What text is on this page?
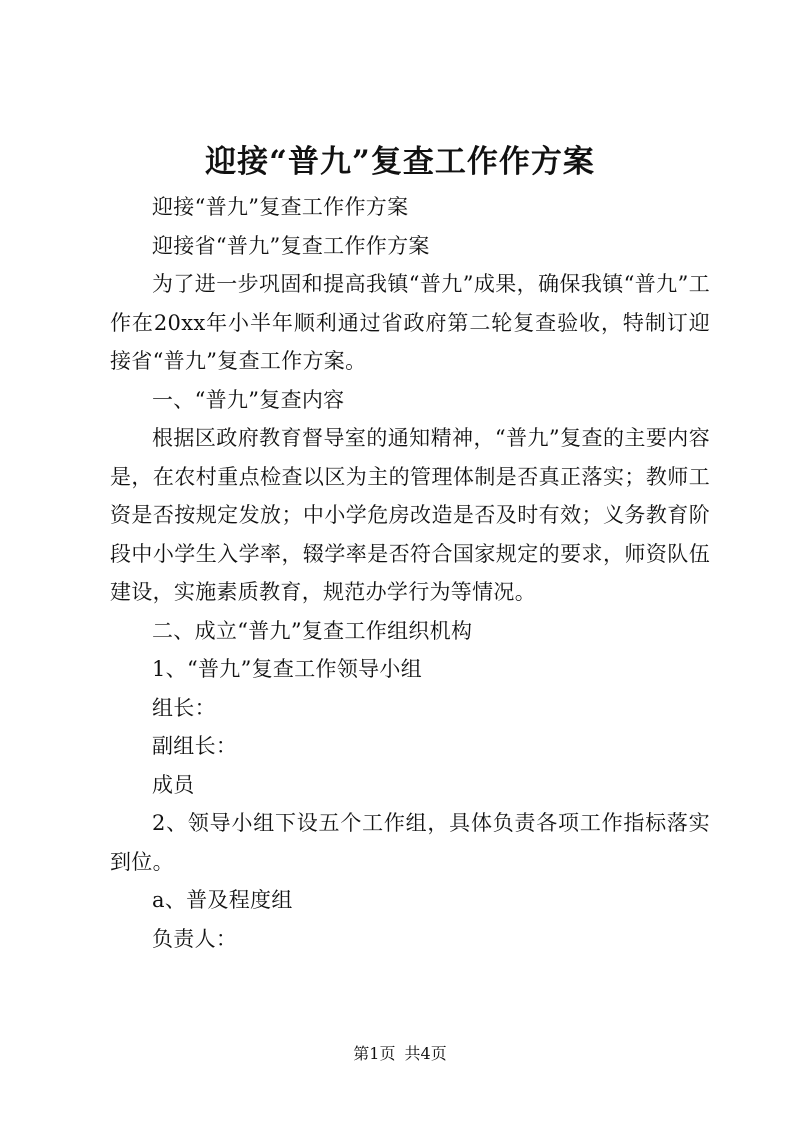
迎接“普九”复查工作作方案

迎接“普九”复查工作作方案

迎接省“普九”复查工作作方案

为了进一步巩固和提高我镇“普九”成果，确保我镇“普九”工作在20xx年小半年顺利通过省政府第二轮复查验收，特制订迎接省“普九”复查工作方案。

一、“普九”复查内容

根据区政府教育督导室的通知精神，“普九”复查的主要内容是，在农村重点检查以区为主的管理体制是否真正落实；教师工资是否按规定发放；中小学危房改造是否及时有效；义务教育阶段中小学生入学率，辍学率是否符合国家规定的要求，师资队伍建设，实施素质教育，规范办学行为等情况。

二、成立“普九”复查工作组织机构

1、“普九”复查工作领导小组

组长：

副组长：

成员

2、领导小组下设五个工作组，具体负责各项工作指标落实到位。

a、普及程度组

负责人：

第1页 共4页
